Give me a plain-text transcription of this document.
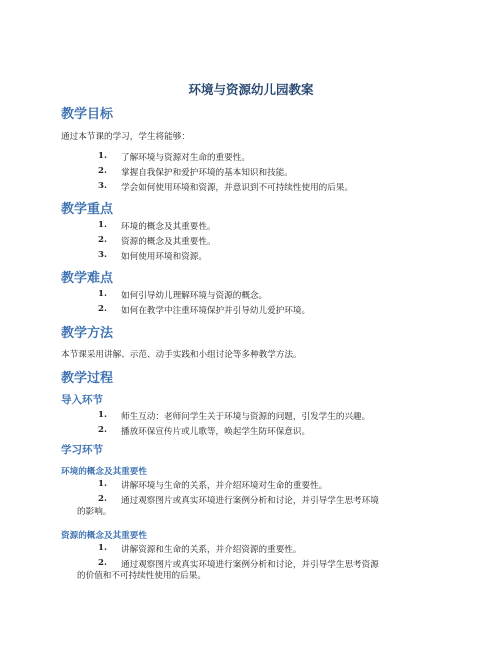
环境与资源幼儿园教案
教学目标
通过本节课的学习，学生将能够：
1. 了解环境与资源对生命的重要性。
2. 掌握自我保护和爱护环境的基本知识和技能。
3. 学会如何使用环境和资源，并意识到不可持续性使用的后果。
教学重点
1. 环境的概念及其重要性。
2. 资源的概念及其重要性。
3. 如何使用环境和资源。
教学难点
1. 如何引导幼儿理解环境与资源的概念。
2. 如何在教学中注重环境保护并引导幼儿爱护环境。
教学方法
本节课采用讲解、示范、动手实践和小组讨论等多种教学方法。
教学过程
导入环节
1. 师生互动：老师问学生关于环境与资源的问题，引发学生的兴趣。
2. 播放环保宣传片或儿歌等，唤起学生防环保意识。
学习环节
环境的概念及其重要性
1. 讲解环境与生命的关系，并介绍环境对生命的重要性。
2. 通过观察图片或真实环境进行案例分析和讨论，并引导学生思考环境
的影响。
资源的概念及其重要性
1. 讲解资源和生命的关系，并介绍资源的重要性。
2. 通过观察图片或真实环境进行案例分析和讨论，并引导学生思考资源
的价值和不可持续性使用的后果。
